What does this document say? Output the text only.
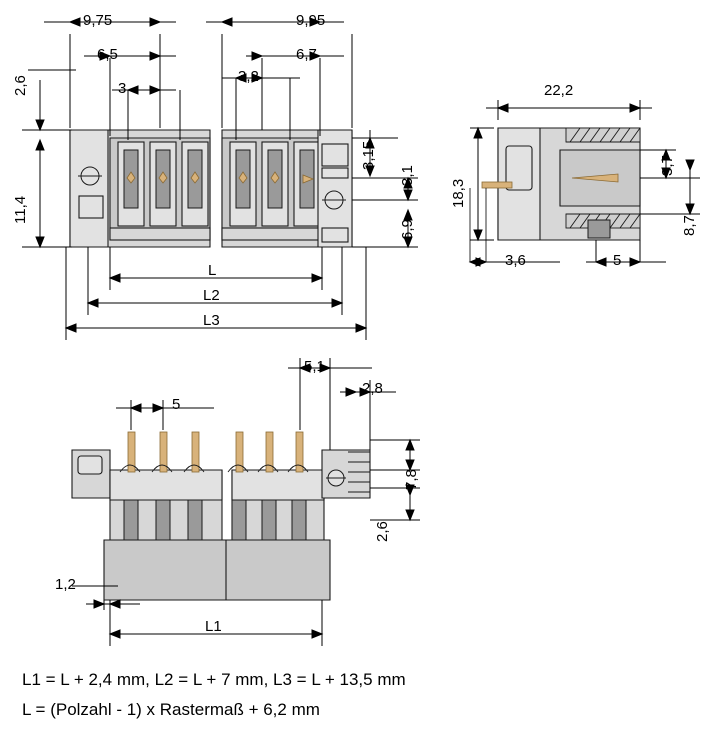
9,75
6,5
3
2,6
11,4
9,95
6,7
3,2
3,15
3,1
6,9
L
L2
L3
22,2
18,3
3,7
8,7
3,6	5
5
5,1
2,8
7,8
2,6
1,2
L1
L1 = L + 2,4 mm, L2 = L + 7 mm, L3 = L + 13,5 mm
L = (Polzahl - 1) x Rastermaß + 6,2 mm
